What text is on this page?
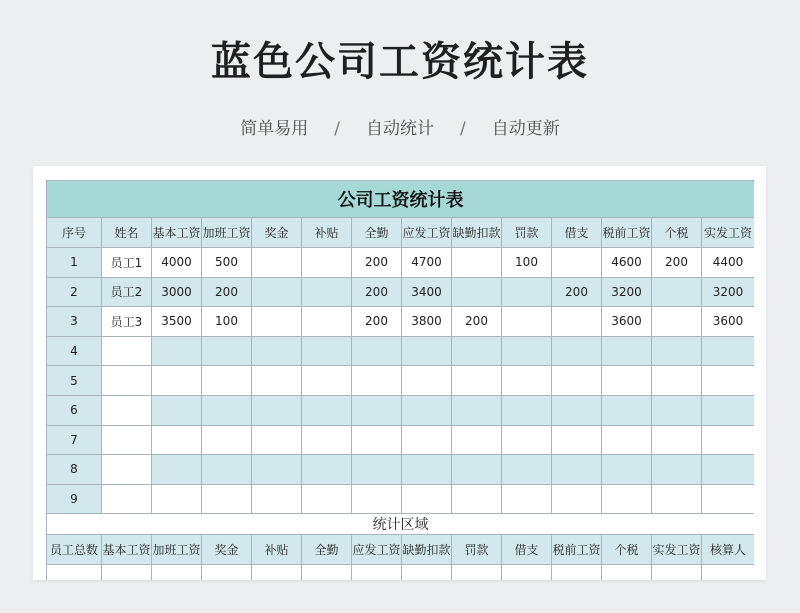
蓝色公司工资统计表
简单易用 / 自动统计 / 自动更新
公司工资统计表													
序号	姓名	基本工资	加班工资	奖金	补贴	全勤	应发工资	缺勤扣款	罚款	借支	税前工资	个税	实发工资
1	员工1	4000	500			200	4700		100		4600	200	4400
2	员工2	3000	200			200	3400			200	3200		3200
3	员工3	3500	100			200	3800	200			3600		3600
4													
5													
6													
7													
8													
9													
统计区域													
员工总数	基本工资	加班工资	奖金	补贴	全勤	应发工资	缺勤扣款	罚款	借支	税前工资	个税	实发工资	核算人
